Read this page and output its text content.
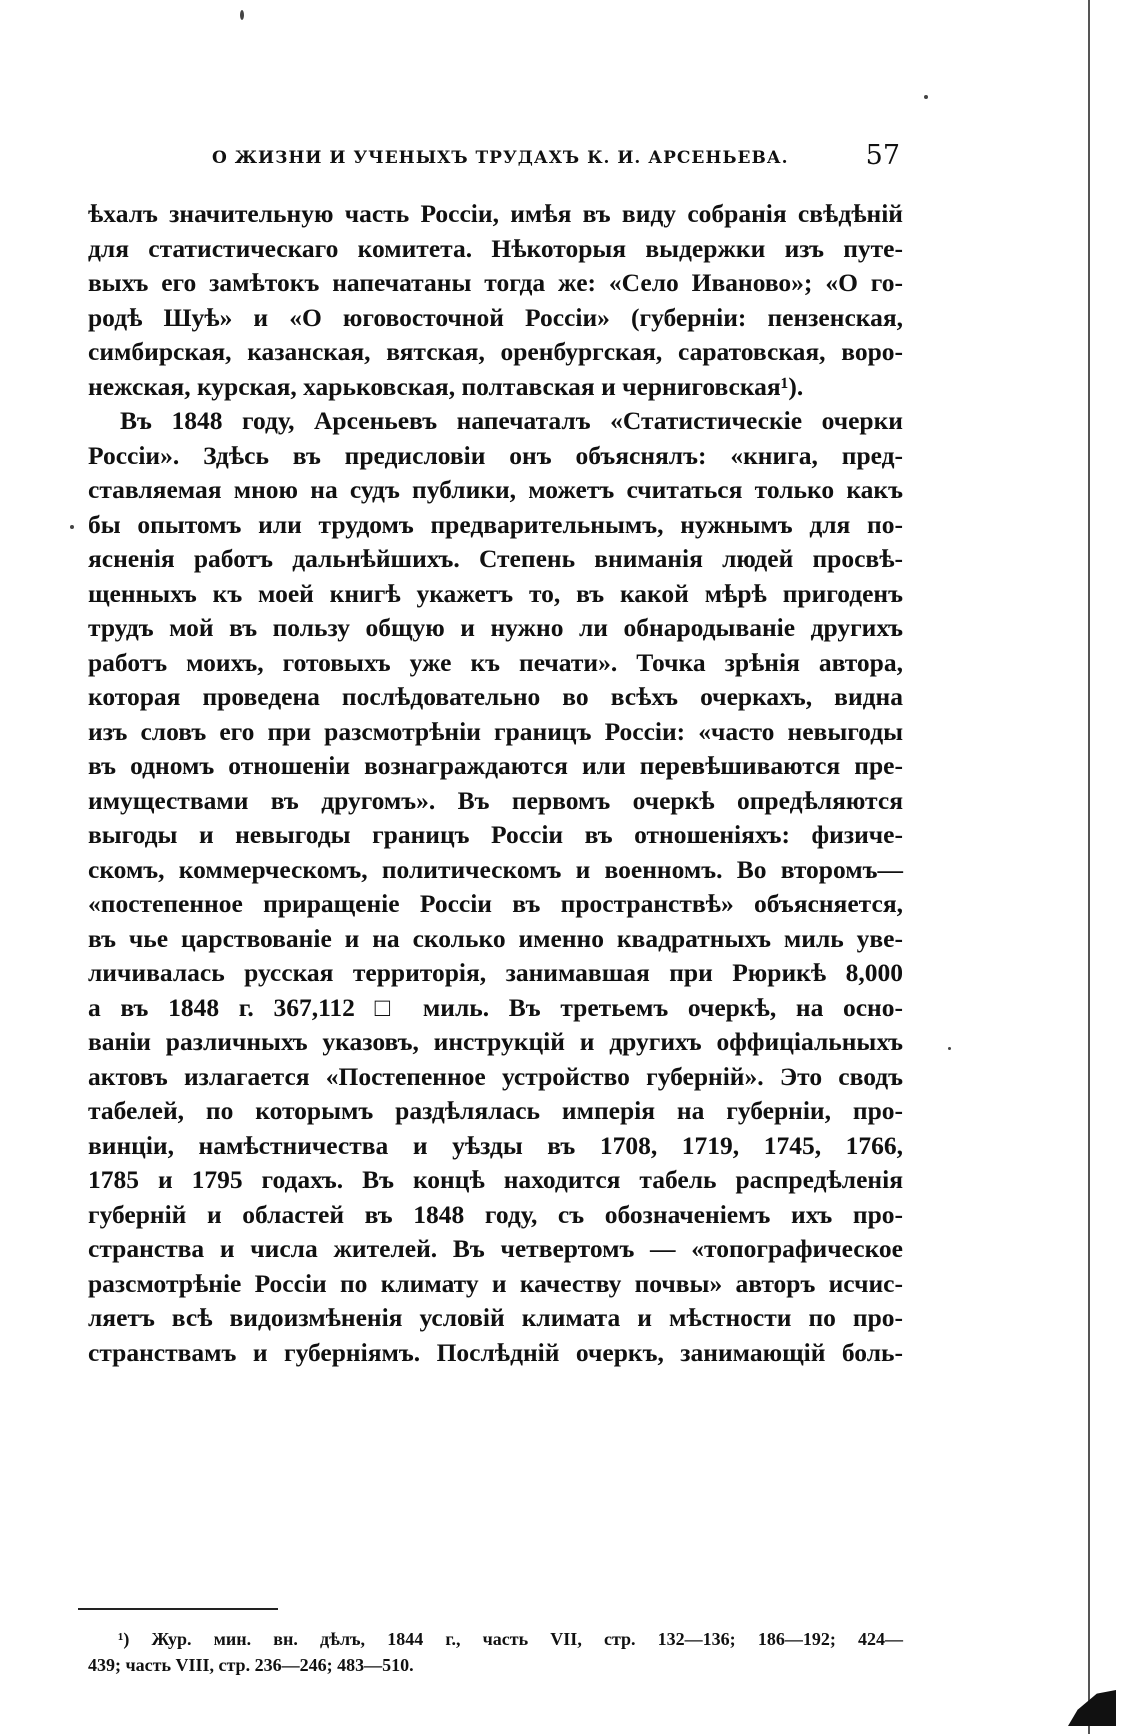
О ЖИЗНИ И УЧЕНЫХЪ ТРУДАХЪ К. И. АРСЕНЬЕВА.	57
ѣхалъ значительную часть Россіи, имѣя въ виду собранія свѣдѣній
для статистическаго комитета. Нѣкоторыя выдержки изъ путе-
выхъ его замѣтокъ напечатаны тогда же: «Село Иваново»; «О го-
родѣ Шуѣ» и «О юговосточной Россіи» (губерніи: пензенская,
симбирская, казанская, вятская, оренбургская, саратовская, воро-
нежская, курская, харьковская, полтавская и черниговская¹).
Въ 1848 году, Арсеньевъ напечаталъ «Статистическіе очерки
Россіи». Здѣсь въ предисловіи онъ объяснялъ: «книга, пред-
ставляемая мною на судъ публики, можетъ считаться только какъ
бы опытомъ или трудомъ предварительнымъ, нужнымъ для по-
ясненія работъ дальнѣйшихъ. Степень вниманія людей просвѣ-
щенныхъ къ моей книгѣ укажетъ то, въ какой мѣрѣ пригоденъ
трудъ мой въ пользу общую и нужно ли обнародываніе другихъ
работъ моихъ, готовыхъ уже къ печати». Точка зрѣнія автора,
которая проведена послѣдовательно во всѣхъ очеркахъ, видна
изъ словъ его при разсмотрѣніи границъ Россіи: «часто невыгоды
въ одномъ отношеніи вознаграждаются или перевѣшиваются пре-
имуществами въ другомъ». Въ первомъ очеркѣ опредѣляются
выгоды и невыгоды границъ Россіи въ отношеніяхъ: физиче-
скомъ, коммерческомъ, политическомъ и военномъ. Во второмъ—
«постепенное приращеніе Россіи въ пространствѣ» объясняется,
въ чье царствованіе и на сколько именно квадратныхъ миль уве-
личивалась русская территорія, занимавшая при Рюрикѣ 8,000
а въ 1848 г. 367,112 □ миль. Въ третьемъ очеркѣ, на осно-
ваніи различныхъ указовъ, инструкцій и другихъ оффиціальныхъ
актовъ излагается «Постепенное устройство губерній». Это сводъ
табелей, по которымъ раздѣлялась имперія на губерніи, про-
винціи, намѣстничества и уѣзды въ 1708, 1719, 1745, 1766,
1785 и 1795 годахъ. Въ концѣ находится табель распредѣленія
губерній и областей въ 1848 году, съ обозначеніемъ ихъ про-
странства и числа жителей. Въ четвертомъ — «топографическое
разсмотрѣніе Россіи по климату и качеству почвы» авторъ исчис-
ляетъ всѣ видоизмѣненія условій климата и мѣстности по про-
странствамъ и губерніямъ. Послѣдній очеркъ, занимающій боль-
¹) Жур. мин. вн. дѣлъ, 1844 г., часть VII, стр. 132—136; 186—192; 424—
439; часть VIII, стр. 236—246; 483—510.
